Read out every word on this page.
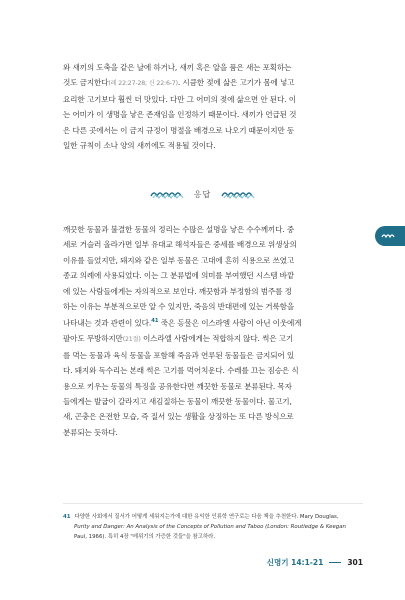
와 새끼의 도축을 같은 날에 하거나, 새끼 혹은 알을 품은 새는 포획하는
것도 금지한다(레 22:27-28; 신 22:6-7). 시큼한 젖에 삶은 고기가 몸에 넣고
요리한 고기보다 훨씬 더 맛있다. 다만 그 어미의 젖에 삶으면 안 된다. 이
는 어미가 이 생명을 낳은 존재임을 인정하기 때문이다. 새끼가 언급된 것
은 다른 곳에서는 이 금지 규정이 명절을 배경으로 나오기 때문이지만 동
일한 규칙이 소나 양의 새끼에도 적용될 것이다.
응답
깨끗한 동물과 불결한 동물의 정리는 수많은 설명을 낳은 수수께끼다. 중
세로 거슬러 올라가면 일부 유대교 해석자들은 중세를 배경으로 위생상의
이유를 들었지만, 돼지와 같은 일부 동물은 고대에 흔히 식용으로 쓰였고
종교 의례에 사용되었다. 이는 그 분류법에 의미를 부여했던 시스템 바깥
에 있는 사람들에게는 자의적으로 보인다. 깨끗함과 부정함의 범주를 정
하는 이유는 부분적으로만 알 수 있지만, 죽음의 반대편에 있는 거룩함을
나타내는 것과 관련이 있다.$^{41}$ 죽은 동물은 이스라엘 사람이 아닌 이웃에게
팔아도 무방하지만(21절) 이스라엘 사람에게는 적합하지 않다. 썩은 고기
를 먹는 동물과 육식 동물을 포함해 죽음과 연루된 동물들은 금지되어 있
다. 돼지와 독수리는 본래 썩은 고기를 먹어치운다. 수레를 끄는 짐승은 식
용으로 키우는 동물의 특징을 공유한다면 깨끗한 동물로 분류된다. 목자
들에게는 발굽이 갈라지고 새김질하는 동물이 깨끗한 동물이다. 물고기,
새, 곤충은 온전한 모습, 즉 질서 있는 생활을 상징하는 또 다른 방식으로
분류되는 듯하다.
41 다양한 사회에서 질서가 어떻게 세워지는가에 대한 유익한 인류학 연구로는 다음 책을 추천한다. Mary Douglas,
Purity and Danger: An Analysis of the Concepts of Pollution and Taboo (London: Routledge & Keegan
Paul, 1966). 특히 4장 "레위기의 가증한 것들"을 참고하라.
신명기 14:1-21	301
